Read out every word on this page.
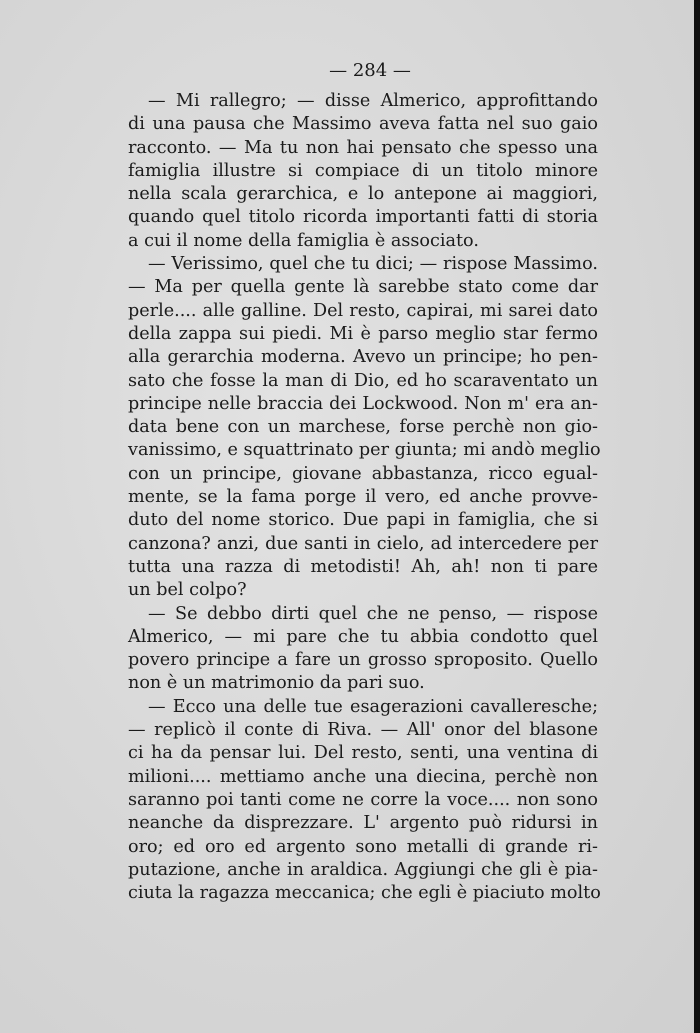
— 284 —
— Mi rallegro; — disse Almerico, approfittando
di una pausa che Massimo aveva fatta nel suo gaio
racconto. — Ma tu non hai pensato che spesso una
famiglia illustre si compiace di un titolo minore
nella scala gerarchica, e lo antepone ai maggiori,
quando quel titolo ricorda importanti fatti di storia
a cui il nome della famiglia è associato.
— Verissimo, quel che tu dici; — rispose Massimo.
— Ma per quella gente là sarebbe stato come dar
perle.... alle galline. Del resto, capirai, mi sarei dato
della zappa sui piedi. Mi è parso meglio star fermo
alla gerarchia moderna. Avevo un principe; ho pen-
sato che fosse la man di Dio, ed ho scaraventato un
principe nelle braccia dei Lockwood. Non m' era an-
data bene con un marchese, forse perchè non gio-
vanissimo, e squattrinato per giunta; mi andò meglio
con un principe, giovane abbastanza, ricco egual-
mente, se la fama porge il vero, ed anche provve-
duto del nome storico. Due papi in famiglia, che si
canzona? anzi, due santi in cielo, ad intercedere per
tutta una razza di metodisti! Ah, ah! non ti pare
un bel colpo?
— Se debbo dirti quel che ne penso, — rispose
Almerico, — mi pare che tu abbia condotto quel
povero principe a fare un grosso sproposito. Quello
non è un matrimonio da pari suo.
— Ecco una delle tue esagerazioni cavalleresche;
— replicò il conte di Riva. — All' onor del blasone
ci ha da pensar lui. Del resto, senti, una ventina di
milioni.... mettiamo anche una diecina, perchè non
saranno poi tanti come ne corre la voce.... non sono
neanche da disprezzare. L' argento può ridursi in
oro; ed oro ed argento sono metalli di grande ri-
putazione, anche in araldica. Aggiungi che gli è pia-
ciuta la ragazza meccanica; che egli è piaciuto molto
